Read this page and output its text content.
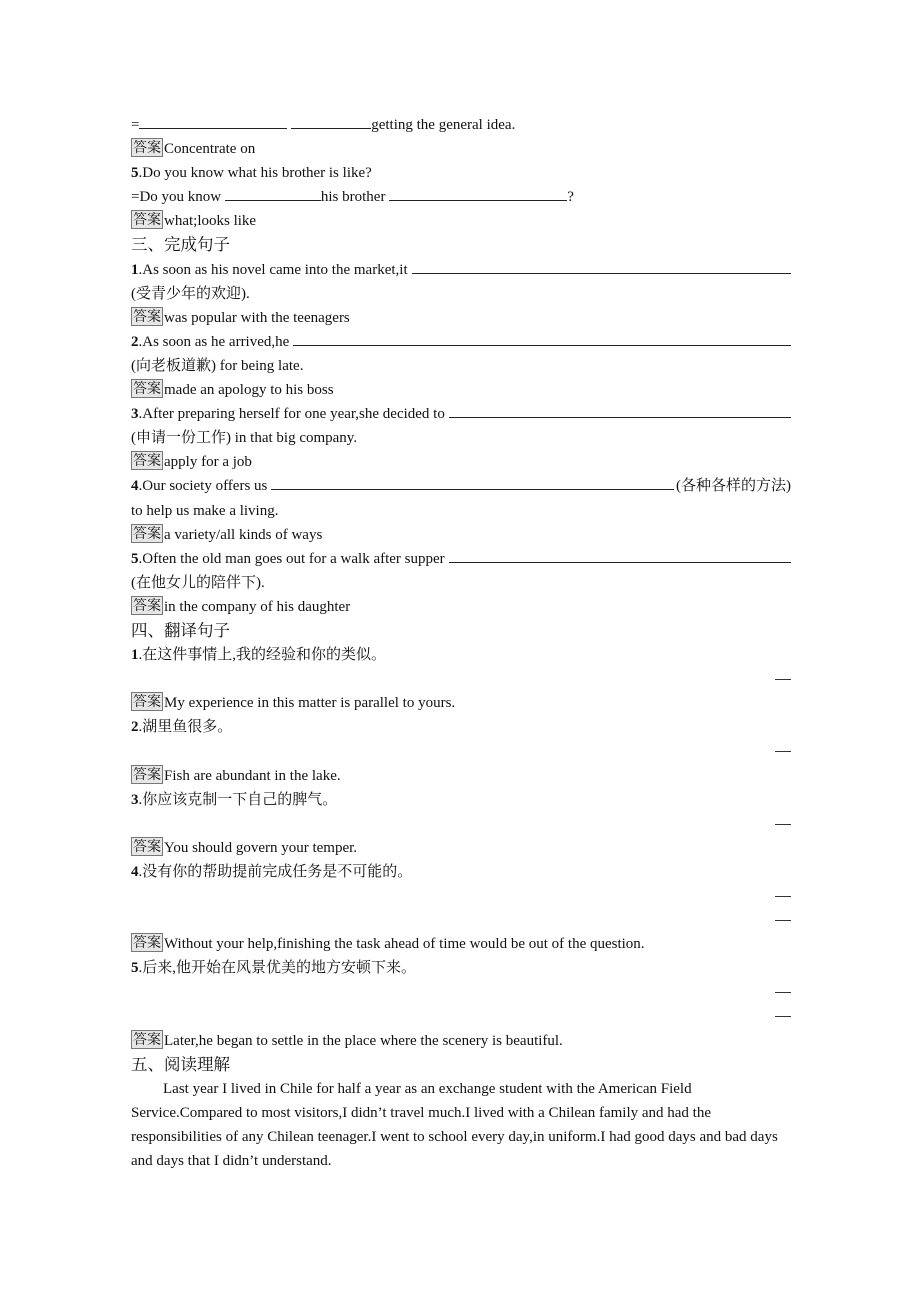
=	getting the general idea.
答案 Concentrate on
5.Do you know what his brother is like?
=Do you know	his brother	?
答案 what;looks like
三、完成句子
1 .As soon as his novel came into the market,it
(受青少年的欢迎).
答案 was popular with the teenagers
2 .As soon as he arrived,he
(向老板道歉) for being late.
答案 made an apology to his boss
3 .After preparing herself for one year,she decided to
(申请一份工作) in that big company.
答案 apply for a job
4 .Our society offers us	(各种各样的方法)
to help us make a living.
答案 a variety/all kinds of ways
5 .Often the old man goes out for a walk after supper
(在他女儿的陪伴下).
答案 in the company of his daughter
四、翻译句子
1.在这件事情上,我的经验和你的类似。
答案 My experience in this matter is parallel to yours.
2.湖里鱼很多。
答案 Fish are abundant in the lake.
3.你应该克制一下自己的脾气。
答案 You should govern your temper.
4.没有你的帮助提前完成任务是不可能的。
答案 Without your help,finishing the task ahead of time would be out of the question.
5.后来,他开始在风景优美的地方安顿下来。
答案 Later,he began to settle in the place where the scenery is beautiful.
五、阅读理解
Last year I lived in Chile for half a year as an exchange student with the American Field Service.Compared to most visitors,I didn’t travel much.I lived with a Chilean family and had the responsibilities of any Chilean teenager.I went to school every day,in uniform.I had good days and bad days and days that I didn’t understand.
